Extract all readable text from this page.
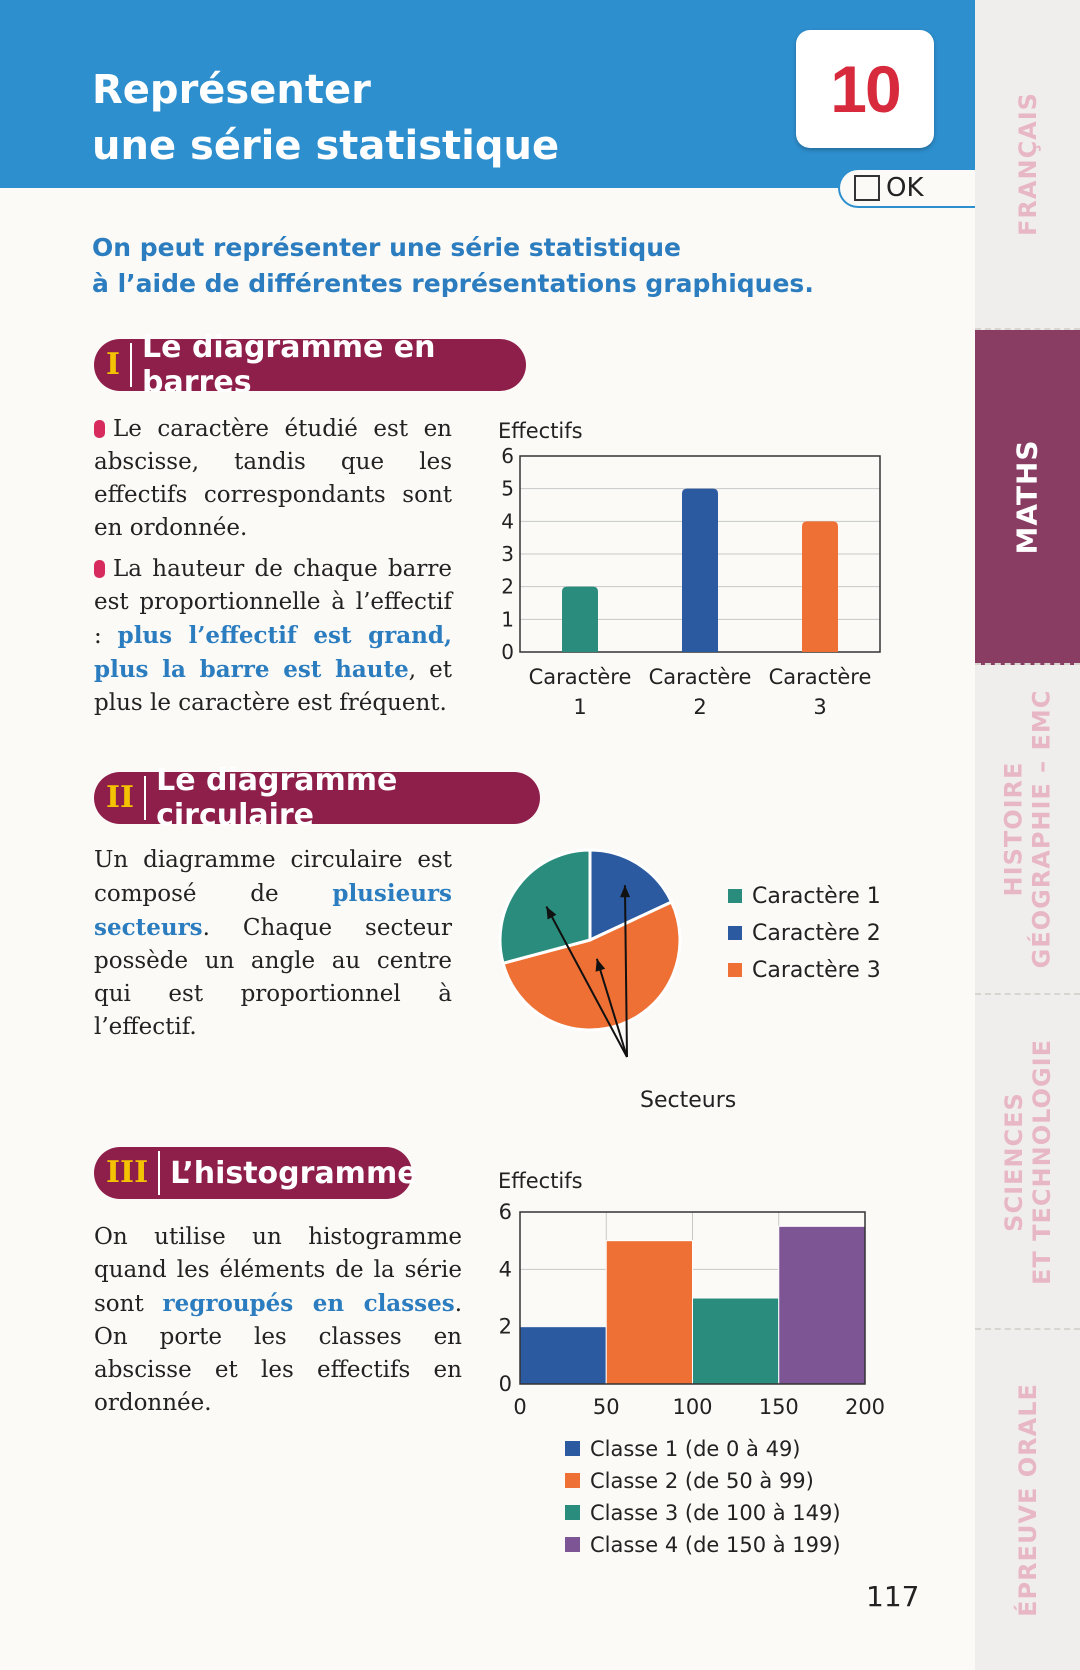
Représenter
une série statistique
10
OK
On peut représenter une série statistique
à l’aide de différentes représentations graphiques.
I Le diagramme en barres

Le caractère étudié est en abscisse, tandis que les effectifs correspondants sont en ordonnée.

La hauteur de chaque barre est proportionnelle à l’effectif : plus l’effectif est grand, plus la barre est haute, et plus le caractère est fréquent.

Effectifs
0
1
2
3
4
5
6
Caractère
1
Caractère
2
Caractère
3
II Le diagramme circulaire

Un diagramme circulaire est composé de plusieurs secteurs. Chaque secteur possède un angle au centre qui est proportionnel à l’effectif.

Secteurs
Caractère 1
Caractère 2
Caractère 3
III L’histogramme

On utilise un histogramme quand les éléments de la série sont regroupés en classes. On porte les classes en abscisse et les effectifs en ordonnée.

Effectifs
0
2
4
6
0	50	100 150 200
Classe 1 (de 0 à 49)
Classe 2 (de 50 à 99)
Classe 3 (de 100 à 149)
Classe 4 (de 150 à 199)
117
FRANÇAIS
MATHS
HISTOIRE GÉOGRAPHIE – EMC
SCIENCES ET TECHNOLOGIE
ÉPREUVE ORALE
